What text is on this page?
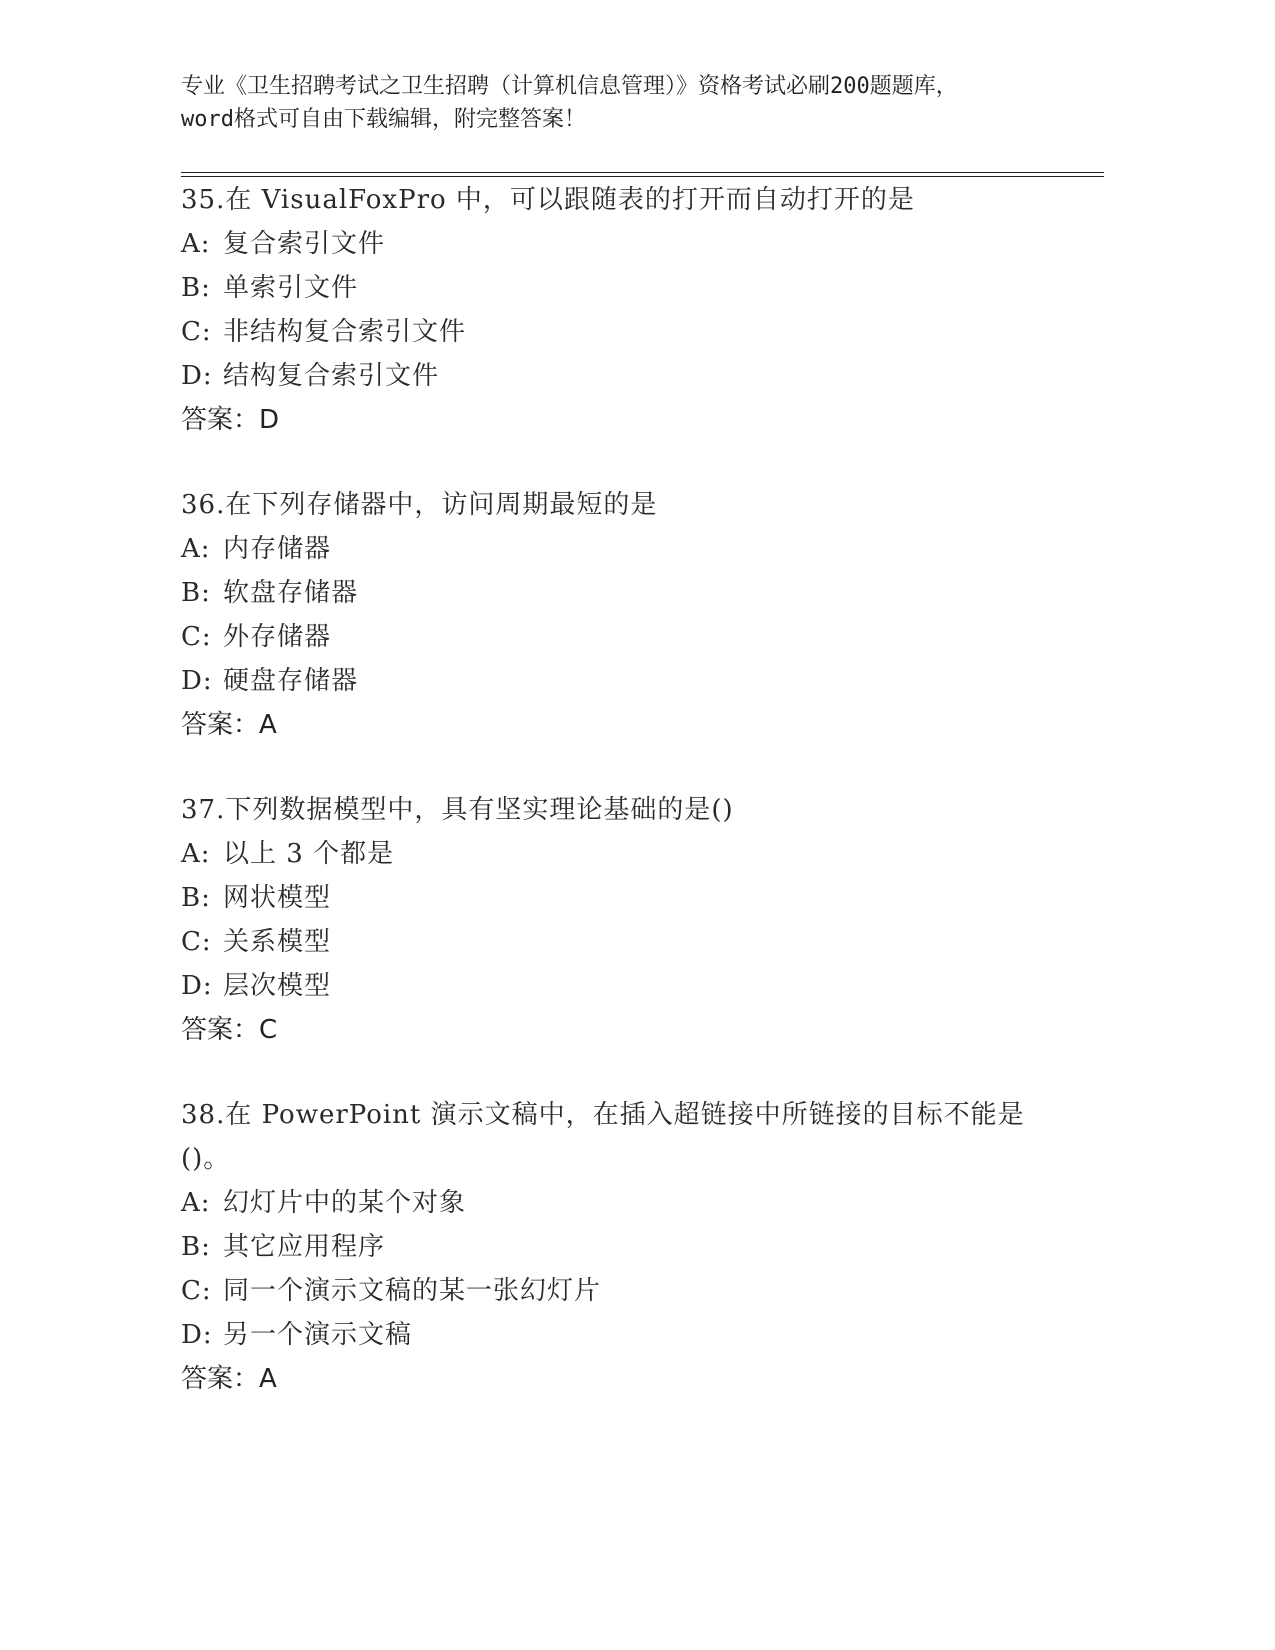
专业《卫生招聘考试之卫生招聘（计算机信息管理）》资格考试必刷200题题库，
word格式可自由下载编辑，附完整答案！
35.在 VisualFoxPro 中，可以跟随表的打开而自动打开的是
A: 复合索引文件
B: 单索引文件
C: 非结构复合索引文件
D: 结构复合索引文件
答案：D
36.在下列存储器中，访问周期最短的是
A: 内存储器
B: 软盘存储器
C: 外存储器
D: 硬盘存储器
答案：A
37.下列数据模型中，具有坚实理论基础的是()
A: 以上 3 个都是
B: 网状模型
C: 关系模型
D: 层次模型
答案：C
38.在 PowerPoint 演示文稿中，在插入超链接中所链接的目标不能是
()。
A: 幻灯片中的某个对象
B: 其它应用程序
C: 同一个演示文稿的某一张幻灯片
D: 另一个演示文稿
答案：A
